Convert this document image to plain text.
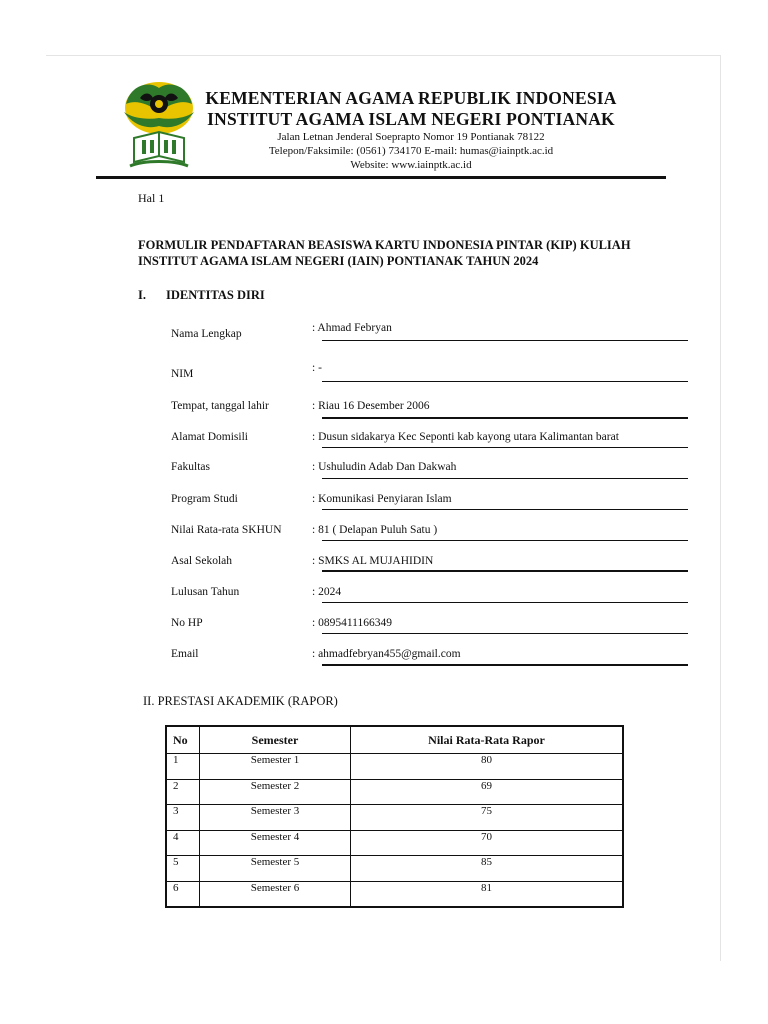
KEMENTERIAN AGAMA REPUBLIK INDONESIA
INSTITUT AGAMA ISLAM NEGERI PONTIANAK
Jalan Letnan Jenderal Soeprapto Nomor 19 Pontianak 78122
Telepon/Faksimile: (0561) 734170 E-mail: humas@iainptk.ac.id
Website: www.iainptk.ac.id
Hal 1
FORMULIR PENDAFTARAN BEASISWA KARTU INDONESIA PINTAR (KIP) KULIAH
INSTITUT AGAMA ISLAM NEGERI (IAIN) PONTIANAK TAHUN 2024
I. IDENTITAS DIRI
Nama Lengkap	: Ahmad Febryan
NIM	: -
Tempat, tanggal lahir	: Riau 16 Desember 2006
Alamat Domisili	: Dusun sidakarya Kec Seponti kab kayong utara Kalimantan barat
Fakultas	: Ushuludin Adab Dan Dakwah
Program Studi	: Komunikasi Penyiaran Islam
Nilai Rata-rata SKHUN	: 81 ( Delapan Puluh Satu )
Asal Sekolah	: SMKS AL MUJAHIDIN
Lulusan Tahun	: 2024
No HP	: 0895411166349
Email	: ahmadfebryan455@gmail.com
II. PRESTASI AKADEMIK (RAPOR)
No	Semester	Nilai Rata-Rata Rapor
1	Semester 1	80
2	Semester 2	69
3	Semester 3	75
4	Semester 4	70
5	Semester 5	85
6	Semester 6	81
